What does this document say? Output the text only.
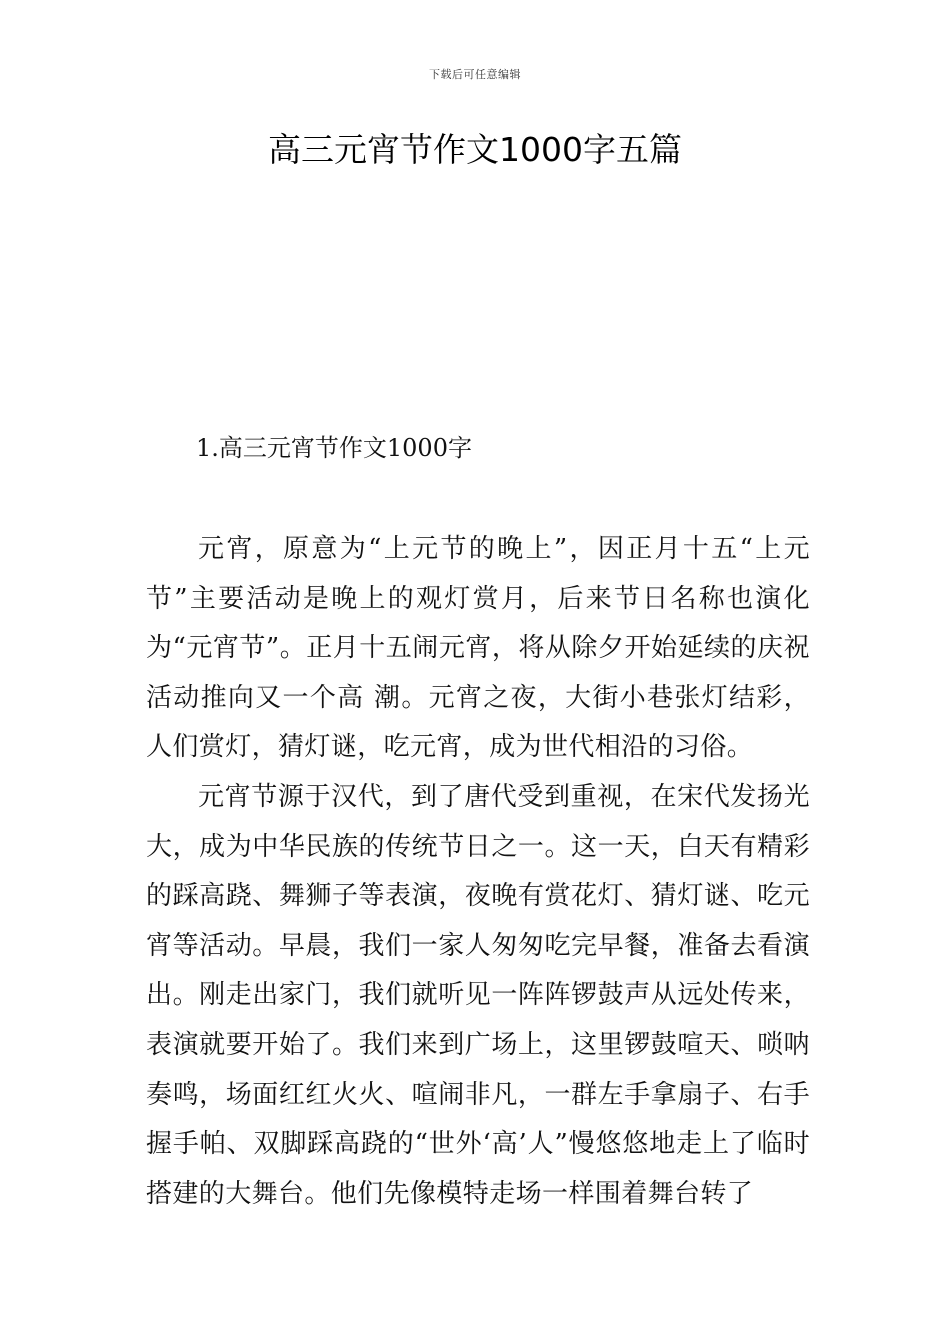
下载后可任意编辑
高三元宵节作文1000字五篇
1.高三元宵节作文1000字

元宵，原意为“上元节的晚上”，因正月十五“上元节”主要活动是晚上的观灯赏月，后来节日名称也演化为“元宵节”。正月十五闹元宵，将从除夕开始延续的庆祝活动推向又一个高 潮。元宵之夜，大街小巷张灯结彩，人们赏灯，猜灯谜，吃元宵，成为世代相沿的习俗。

元宵节源于汉代，到了唐代受到重视，在宋代发扬光大，成为中华民族的传统节日之一。这一天，白天有精彩的踩高跷、舞狮子等表演，夜晚有赏花灯、猜灯谜、吃元宵等活动。早晨，我们一家人匆匆吃完早餐，准备去看演出。刚走出家门，我们就听见一阵阵锣鼓声从远处传来，表演就要开始了。我们来到广场上，这里锣鼓喧天、唢呐奏鸣，场面红红火火、喧闹非凡，一群左手拿扇子、右手握手帕、双脚踩高跷的“世外‘高’人”慢悠悠地走上了临时搭建的大舞台。他们先像模特走场一样围着舞台转了
